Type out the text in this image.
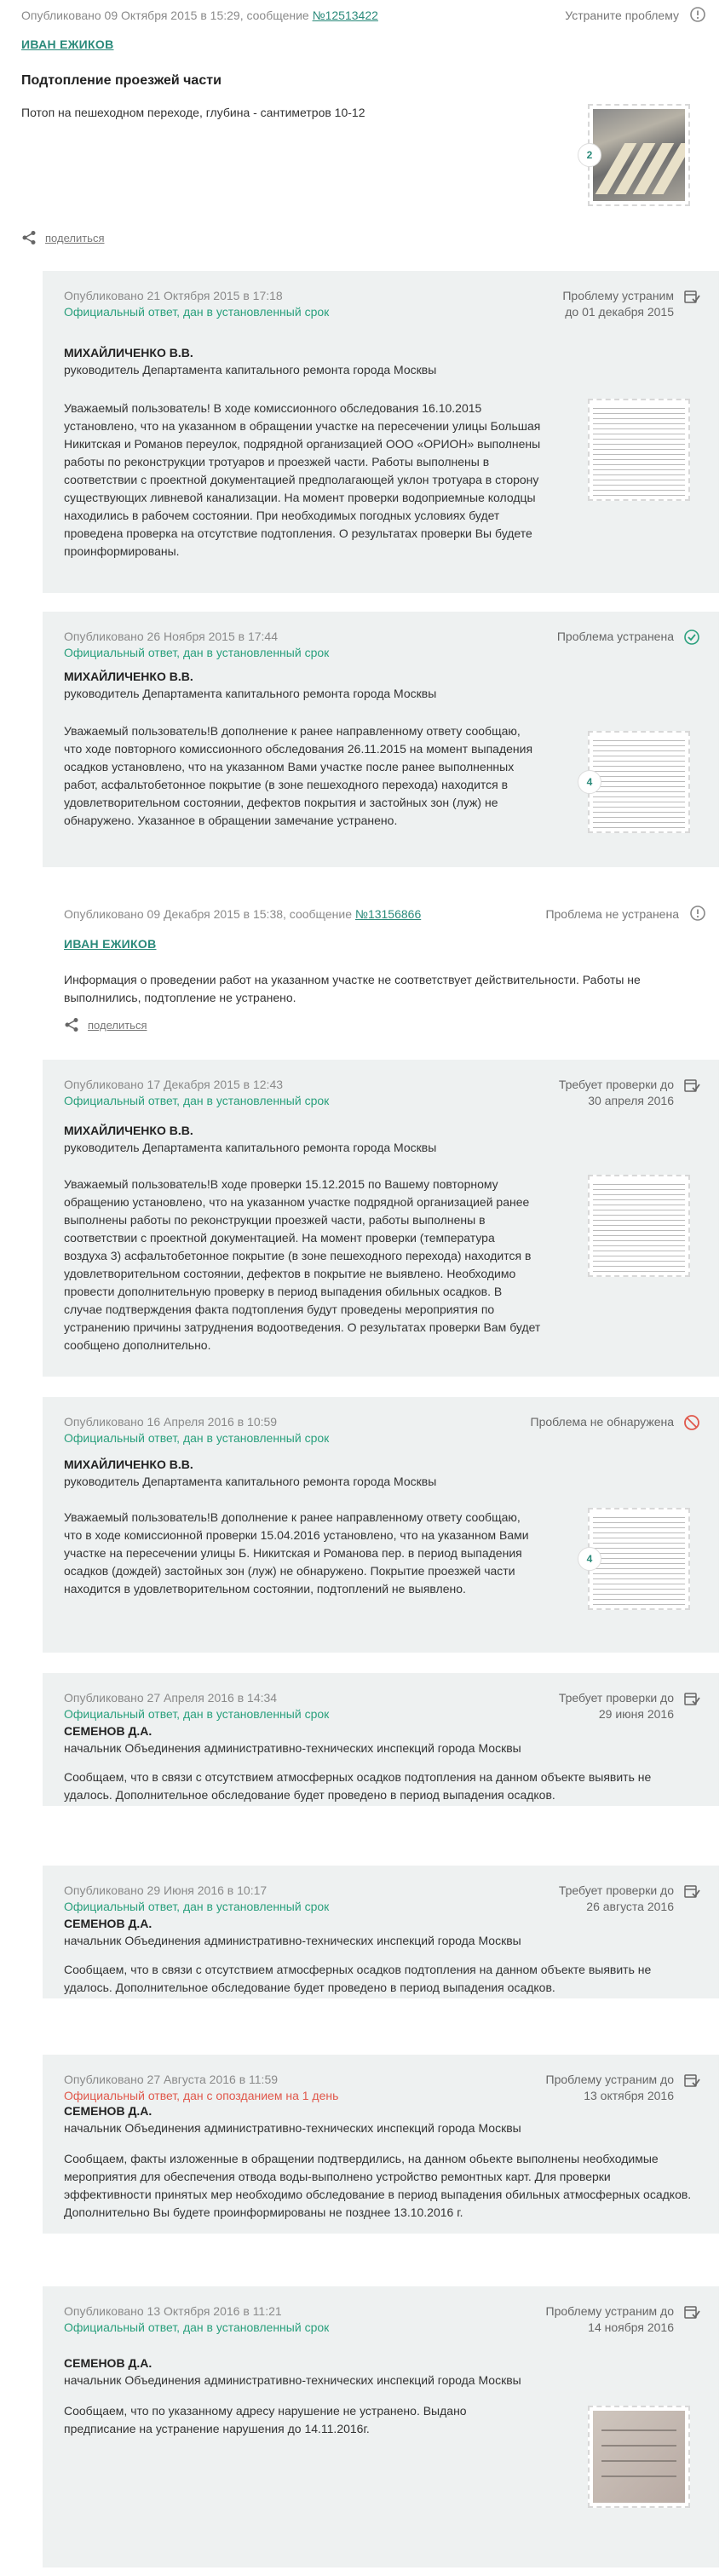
Опубликовано 09 Октября 2015 в 15:29, сообщение №12513422	Устраните проблему
ИВАН ЕЖИКОВ
Подтопление проезжей части
Потоп на пешеходном переходе, глубина - сантиметров 10-12
2
поделиться
Опубликовано 21 Октября 2015 в 17:18
Официальный ответ, дан в установленный срок
Проблему устраним
до 01 декабря 2015
МИХАЙЛИЧЕНКО В.В.
руководитель Департамента капитального ремонта города Москвы
Уважаемый пользователь! В ходе комиссионного обследования 16.10.2015 установлено, что на указанном в обращении участке на пересечении улицы Большая Никитская и Романов переулок, подрядной организацией ООО «ОРИОН» выполнены работы по реконструкции тротуаров и проезжей части. Работы выполнены в соответствии с проектной документацией предполагающей уклон тротуара в сторону существующих ливневой канализации. На момент проверки водоприемные колодцы находились в рабочем состоянии. При необходимых погодных условиях будет проведена проверка на отсутствие подтопления. О результатах проверки Вы будете проинформированы.
Опубликовано 26 Ноября 2015 в 17:44
Официальный ответ, дан в установленный срок
Проблема устранена
МИХАЙЛИЧЕНКО В.В.
руководитель Департамента капитального ремонта города Москвы
Уважаемый пользователь!В дополнение к ранее направленному ответу сообщаю, что ходе повторного комиссионного обследования 26.11.2015 на момент выпадения осадков установлено, что на указанном Вами участке после ранее выполненных работ, асфальтобетонное покрытие (в зоне пешеходного перехода) находится в удовлетворительном состоянии, дефектов покрытия и застойных зон (луж) не обнаружено. Указанное в обращении замечание устранено.
4
Опубликовано 09 Декабря 2015 в 15:38, сообщение №13156866	Проблема не устранена
ИВАН ЕЖИКОВ
Информация о проведении работ на указанном участке не соответствует действительности. Работы не выполнились, подтопление не устранено.
поделиться
Опубликовано 17 Декабря 2015 в 12:43
Официальный ответ, дан в установленный срок
Требует проверки до
30 апреля 2016
МИХАЙЛИЧЕНКО В.В.
руководитель Департамента капитального ремонта города Москвы
Уважаемый пользователь!В ходе проверки 15.12.2015 по Вашему повторному обращению установлено, что на указанном участке подрядной организацией ранее выполнены работы по реконструкции проезжей части, работы выполнены в соответствии с проектной документацией. На момент проверки (температура воздуха 3) асфальтобетонное покрытие (в зоне пешеходного перехода) находится в удовлетворительном состоянии, дефектов в покрытие не выявлено. Необходимо провести дополнительную проверку в период выпадения обильных осадков. В случае подтверждения факта подтопления будут проведены мероприятия по устранению причины затруднения водоотведения. О результатах проверки Вам будет сообщено дополнительно.
Опубликовано 16 Апреля 2016 в 10:59
Официальный ответ, дан в установленный срок
Проблема не обнаружена
МИХАЙЛИЧЕНКО В.В.
руководитель Департамента капитального ремонта города Москвы
Уважаемый пользователь!В дополнение к ранее направленному ответу сообщаю, что в ходе комиссионной проверки 15.04.2016 установлено, что на указанном Вами участке на пересечении улицы Б. Никитская и Романова пер. в период выпадения осадков (дождей) застойных зон (луж) не обнаружено. Покрытие проезжей части находится в удовлетворительном состоянии, подтоплений не выявлено.
4
Опубликовано 27 Апреля 2016 в 14:34
Официальный ответ, дан в установленный срок
Требует проверки до
29 июня 2016
СЕМЕНОВ Д.А.
начальник Объединения административно-технических инспекций города Москвы
Сообщаем, что в связи с отсутствием атмосферных осадков подтопления на данном объекте выявить не удалось. Дополнительное обследование будет проведено в период выпадения осадков.
Опубликовано 29 Июня 2016 в 10:17
Официальный ответ, дан в установленный срок
Требует проверки до
26 августа 2016
СЕМЕНОВ Д.А.
начальник Объединения административно-технических инспекций города Москвы
Сообщаем, что в связи с отсутствием атмосферных осадков подтопления на данном объекте выявить не удалось. Дополнительное обследование будет проведено в период выпадения осадков.
Опубликовано 27 Августа 2016 в 11:59
Официальный ответ, дан с опозданием на 1 день
Проблему устраним до
13 октября 2016
СЕМЕНОВ Д.А.
начальник Объединения административно-технических инспекций города Москвы
Сообщаем, факты изложенные в обращении подтвердились, на данном обьекте выполнены необходимые мероприятия для обеспечения отвода воды-выполнено устройство ремонтных карт. Для проверки эффективности принятых мер необходимо обследование в период выпадения обильных атмосферных осадков. Дополнительно Вы будете проинформированы не позднее 13.10.2016 г.
Опубликовано 13 Октября 2016 в 11:21
Официальный ответ, дан в установленный срок
Проблему устраним до
14 ноября 2016
СЕМЕНОВ Д.А.
начальник Объединения административно-технических инспекций города Москвы
Сообщаем, что по указанному адресу нарушение не устранено. Выдано предписание на устранение нарушения до 14.11.2016г.
